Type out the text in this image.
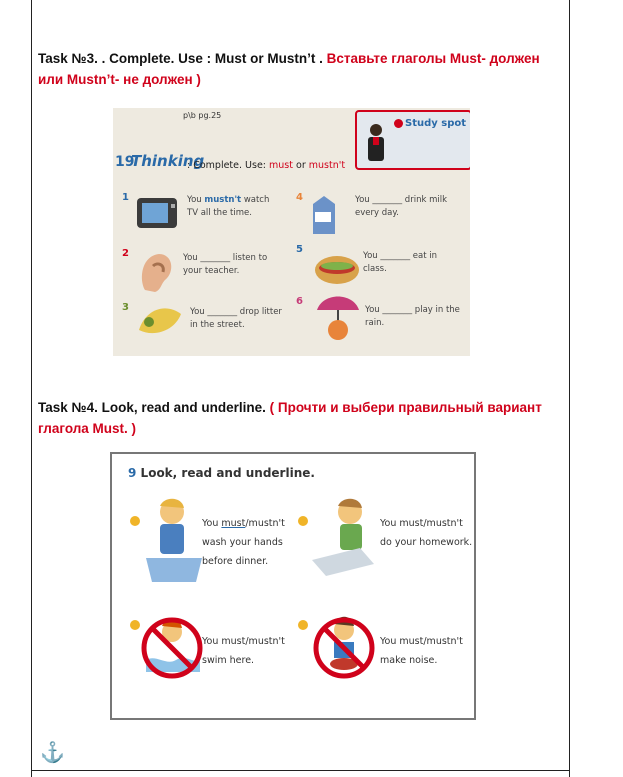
Task №3. . Complete. Use : Must or Mustn’t . Вставьте глаголы Must- должен или Mustn’t- не должен )
p\b pg.25
Study spot
19
Thinking
: Complete. Use: must or mustn't
1
2
3
4
5
6
You mustn't watch TV all the time.
You _______ listen to your teacher.
You _______ drop litter in the street.
You _______ drink milk every day.
You _______ eat in class.
You _______ play in the rain.
Task №4. Look, read and underline. ( Прочти и выбери правильный вариант глагола Must. )
9 Look, read and underline.
You must/mustn't
wash your hands
before dinner.
You must/mustn't
do your homework.
You must/mustn't
swim here.
You must/mustn't
make noise.
⚓
